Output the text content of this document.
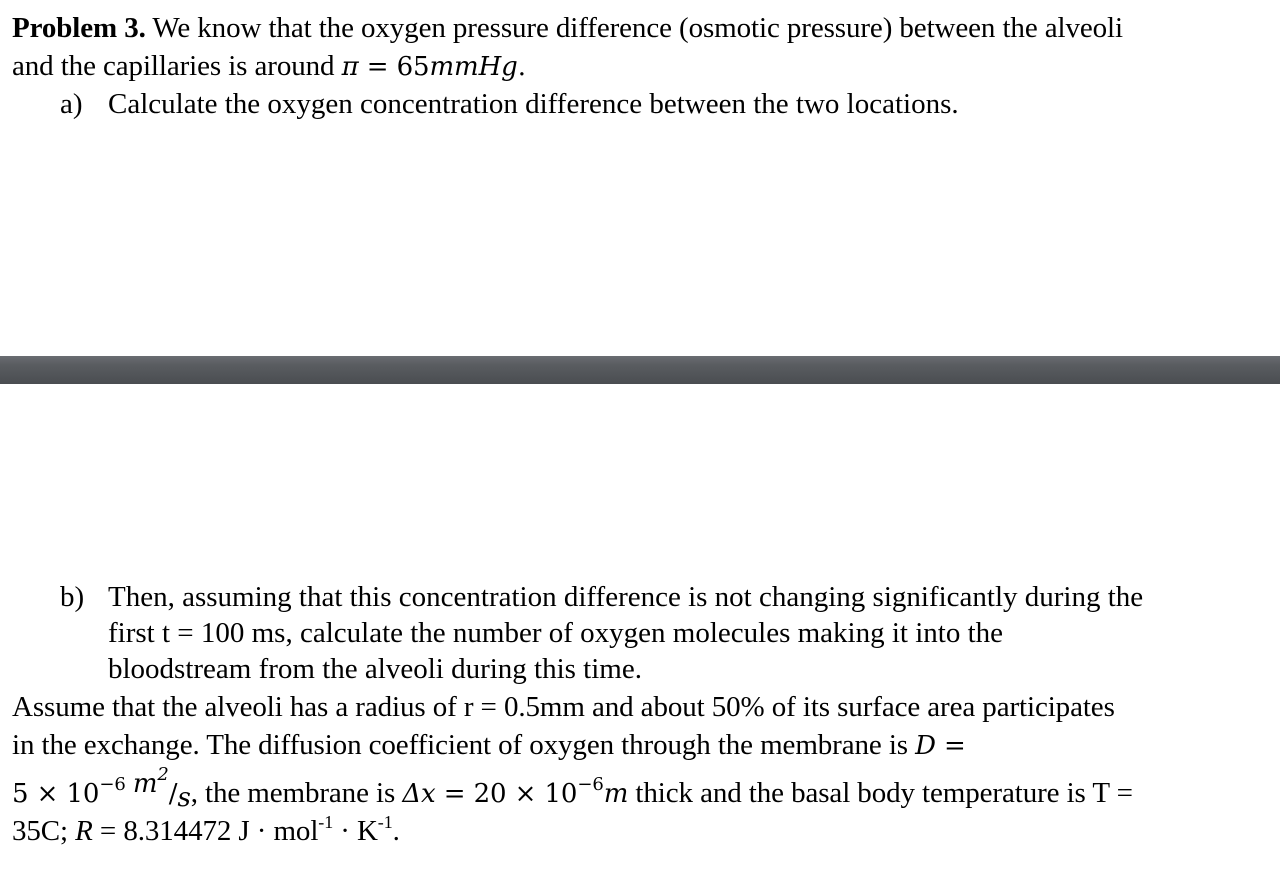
Problem 3. We know that the oxygen pressure difference (osmotic pressure) between the alveoli
and the capillaries is around π = 65mmHg.
a) Calculate the oxygen concentration difference between the two locations.
b) Then, assuming that this concentration difference is not changing significantly during the
first t = 100 ms, calculate the number of oxygen molecules making it into the
bloodstream from the alveoli during this time.
Assume that the alveoli has a radius of r = 0.5mm and about 50% of its surface area participates
in the exchange. The diffusion coefficient of oxygen through the membrane is D =
$5 \times 10^{-6}$ $m^2/s$, the membrane is $\Delta x = 20 \times 10^{-6}m$ thick and the basal body temperature is T =
35C; R = 8.314472 $J \cdot mol^{-1} \cdot K^{-1}$.
